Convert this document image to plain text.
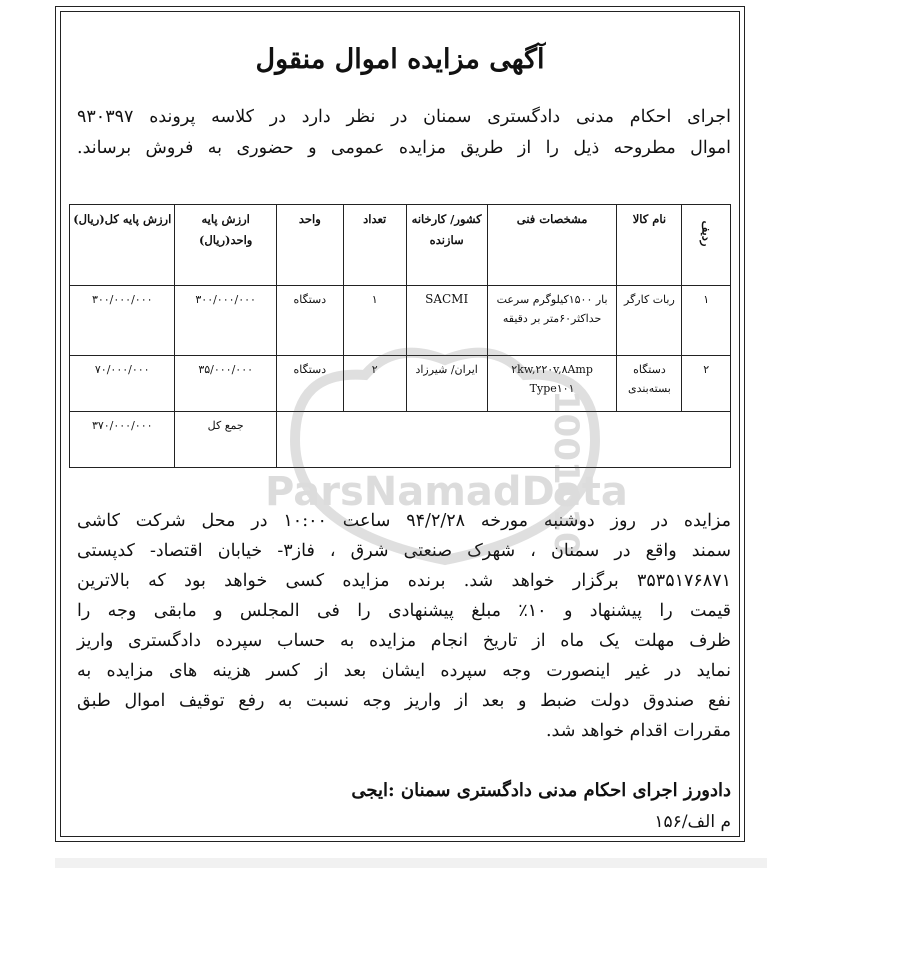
آگهی مزایده اموال منقول

اجرای احکام مدنی دادگستری سمنان در نظر دارد در کلاسه پرونده ۹۳۰۳۹۷

اموال مطروحه ذیل را از طریق مزایده عمومی و حضوری به فروش برساند.

ردیف	نام کالا	مشخصات فنی	کشور/ کارخانه سازنده	تعداد	واحد	ارزش پایه واحد(ریال)	ارزش پایه کل(ریال)
۱	ربات کارگر	بار ۱۵۰۰کیلوگرم سرعت حداکثر۶۰متر بر دقیقه	SACMI	۱	دستگاه	۳۰۰/۰۰۰/۰۰۰	۳۰۰/۰۰۰/۰۰۰
۲	دستگاه بسته‌بندی	۲kw,۲۲۰v,۸Amp Type۱۰۱	ایران/ شیرزاد	۲	دستگاه	۳۵/۰۰۰/۰۰۰	۷۰/۰۰۰/۰۰۰
						جمع کل	۳۷۰/۰۰۰/۰۰۰

مزایده در روز دوشنبه مورخه ۹۴/۲/۲۸ ساعت ۱۰:۰۰ در محل شرکت کاشی

سمند واقع در سمنان ، شهرک صنعتی شرق ، فاز۳- خیابان اقتصاد- کدپستی

۳۵۳۵۱۷۶۸۷۱ برگزار خواهد شد. برنده مزایده کسی خواهد بود که بالاترین

قیمت را پیشنهاد و ۱۰٪ مبلغ پیشنهادی را فی المجلس و مابقی وجه را

ظرف مهلت یک ماه از تاریخ انجام مزایده به حساب سپرده دادگستری واریز

نماید در غیر اینصورت وجه سپرده ایشان بعد از کسر هزینه های مزایده به

نفع صندوق دولت ضبط و بعد از واریز وجه نسبت به رفع توقیف اموال طبق

مقررات اقدام خواهد شد.

دادورز اجرای احکام مدنی دادگستری سمنان :ایجی
م الف/۱۵۶
1001010
ParsNamadData
